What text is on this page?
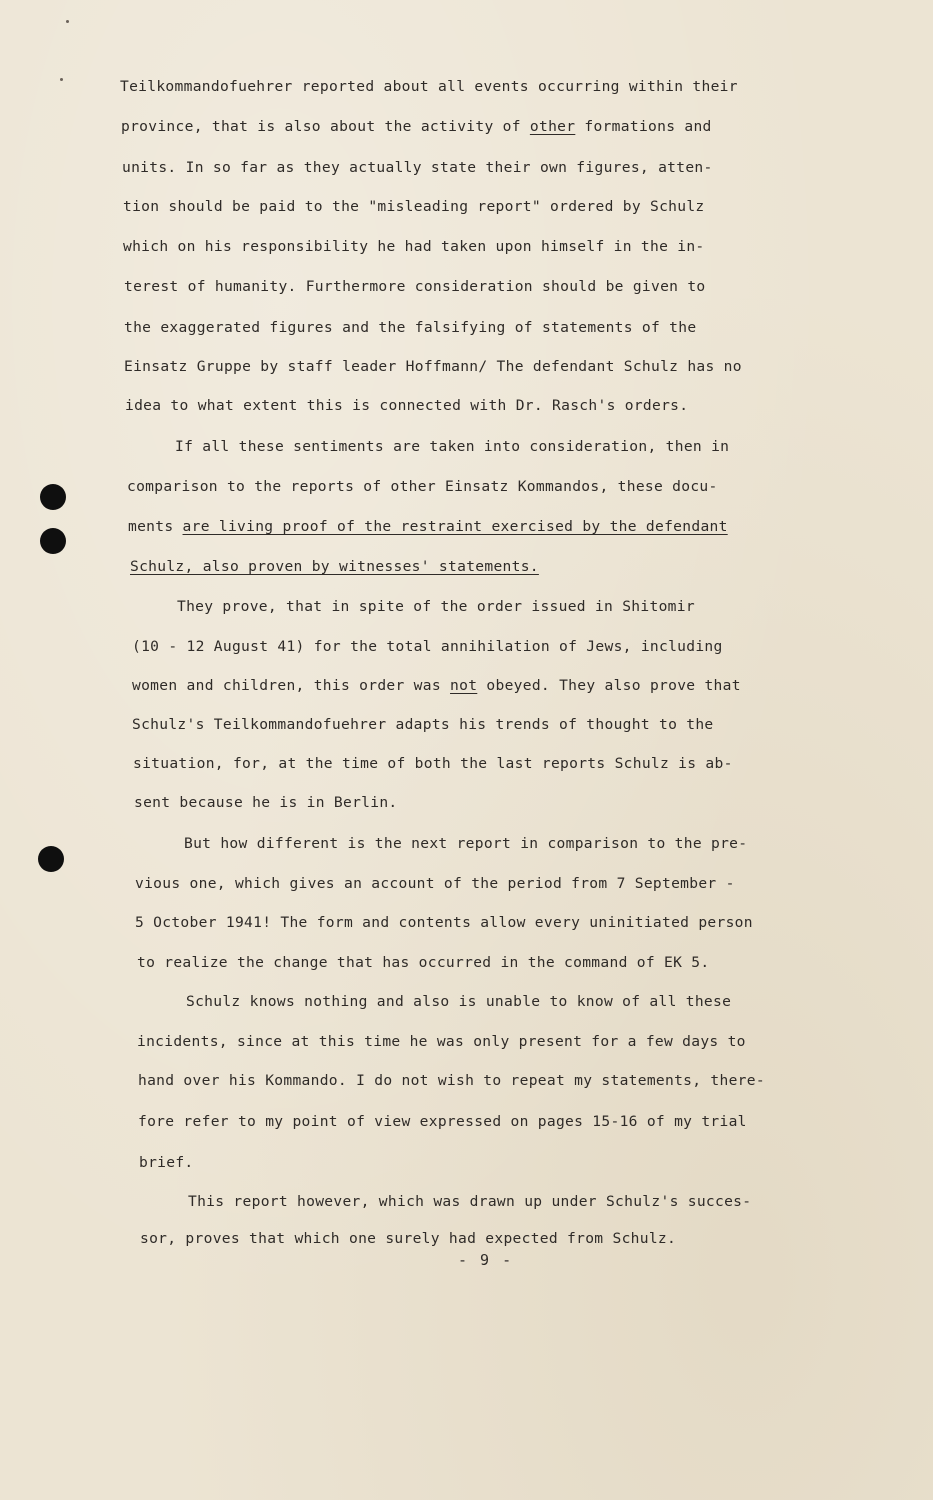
Teilkommandofuehrer reported about all events occurring within their
province, that is also about the activity of other formations and
units. In so far as they actually state their own figures, atten-
tion should be paid to the "misleading report" ordered by Schulz
which on his responsibility he had taken upon himself in the in-
terest of humanity. Furthermore consideration should be given to
the exaggerated figures and the falsifying of statements of the
Einsatz Gruppe by staff leader Hoffmann/ The defendant Schulz has no
idea to what extent this is connected with Dr. Rasch's orders.
If all these sentiments are taken into consideration, then in
comparison to the reports of other Einsatz Kommandos, these docu-
ments are living proof of the restraint exercised by the defendant
Schulz, also proven by witnesses' statements.
They prove, that in spite of the order issued in Shitomir
(10 - 12 August 41) for the total annihilation of Jews, including
women and children, this order was not obeyed. They also prove that
Schulz's Teilkommandofuehrer adapts his trends of thought to the
situation, for, at the time of both the last reports Schulz is ab-
sent because he is in Berlin.
But how different is the next report in comparison to the pre-
vious one, which gives an account of the period from 7 September -
5 October 1941! The form and contents allow every uninitiated person
to realize the change that has occurred in the command of EK 5.
Schulz knows nothing and also is unable to know of all these
incidents, since at this time he was only present for a few days to
hand over his Kommando. I do not wish to repeat my statements, there-
fore refer to my point of view expressed on pages 15-16 of my trial
brief.
This report however, which was drawn up under Schulz's succes-
sor, proves that which one surely had expected from Schulz.
- 9 -
